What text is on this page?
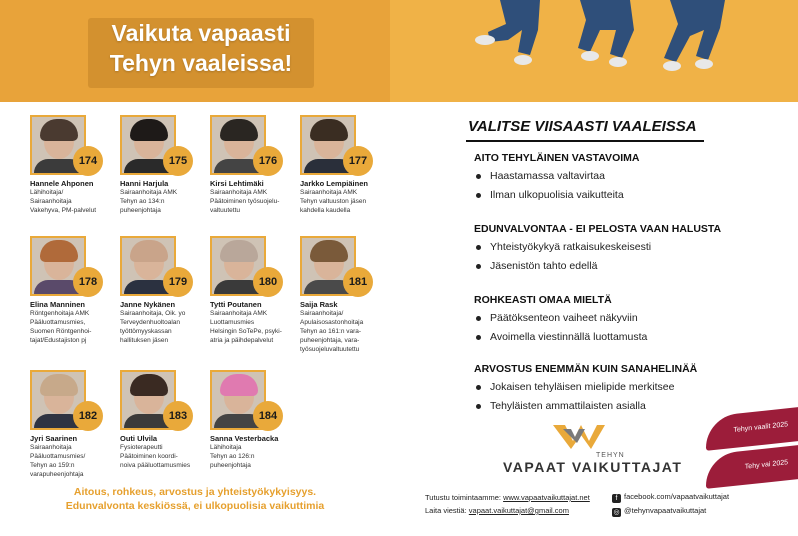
Vaikuta vapaasti
Tehyn vaaleissa!
174
Hannele Ahponen
Lähihoitaja/
Sairaanhoitaja
Vakehyva, PM-palvelut
175
Hanni Harjula
Sairaanhoitaja AMK
Tehyn ao 134:n
puheenjohtaja
176
Kirsi Lehtimäki
Sairaanhoitaja AMK
Päätoiminen työsuojelu-
valtuutettu
177
Jarkko Lempiäinen
Sairaanhoitaja AMK
Tehyn valtuuston jäsen
kahdella kaudella
178
Elina Manninen
Röntgenhoitaja AMK
Pääluottamusmies,
Suomen Röntgenhoi-
tajat/Edustajiston pj
179
Janne Nykänen
Sairaanhoitaja, Oik. yo
Terveydenhuoltoalan
työttömyyskassan
hallituksen jäsen
180
Tytti Poutanen
Sairaanhoitaja AMK
Luottamusmies
Helsingin SoTePe, psyki-
atria ja päihdepalvelut
181
Saija Rask
Sairaanhoitaja/
Apulaisosastonhoitaja
Tehyn ao 161:n vara-
puheenjohtaja, vara-
työsuojeluvaltuutettu
182
Jyri Saarinen
Sairaanhoitaja
Pääluottamusmies/
Tehyn ao 159:n
varapuheenjohtaja
183
Outi Ulvila
Fysioterapeutti
Päätoiminen koordi-
noiva pääluottamusmies
184
Sanna Vesterbacka
Lähihoitaja
Tehyn ao 126:n
puheenjohtaja
Aitous, rohkeus, arvostus ja yhteistyökykyisyys.
Edunvalvonta keskiössä, ei ulkopuolisia vaikuttimia
VALITSE VIISAASTI VAALEISSA
AITO TEHYLÄINEN VASTAVOIMA
Haastamassa valtavirtaa
Ilman ulkopuolisia vaikutteita
EDUNVALVONTAA - EI PELOSTA VAAN HALUSTA
Yhteistyökykyä ratkaisukeskeisesti
Jäsenistön tahto edellä
ROHKEASTI OMAA MIELTÄ
Päätöksenteon vaiheet näkyviin
Avoimella viestinnällä luottamusta
ARVOSTUS ENEMMÄN KUIN SANAHELINÄÄ
Jokaisen tehyläisen mielipide merkitsee
Tehyläisten ammattilaisten asialla
TEHYN
VAPAAT VAIKUTTAJAT
Tehyn vaalit 2025
Tehy vai 2025
Tutustu toimintaamme: www.vapaatvaikuttajat.net
Laita viestiä: vapaat.vaikuttajat@gmail.com
f facebook.com/vapaatvaikuttajat
◎ @tehynvapaatvaikuttajat
